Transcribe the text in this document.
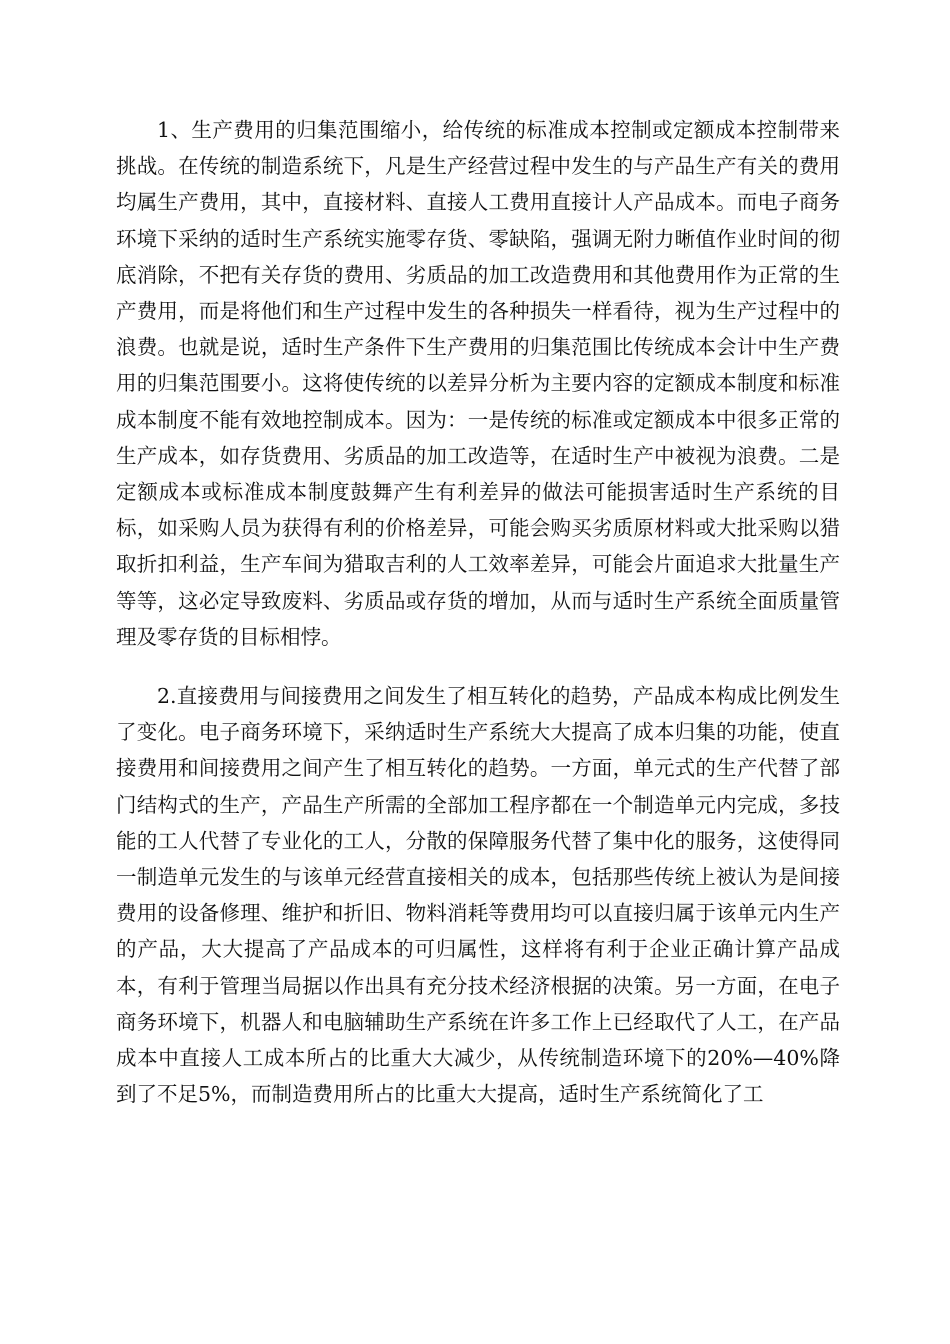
1、生产费用的归集范围缩小，给传统的标准成本控制或定额成本控制带来挑战。在传统的制造系统下，凡是生产经营过程中发生的与产品生产有关的费用均属生产费用，其中，直接材料、直接人工费用直接计人产品成本。而电子商务环境下采纳的适时生产系统实施零存货、零缺陷，强调无附力晰值作业时间的彻底消除，不把有关存货的费用、劣质品的加工改造费用和其他费用作为正常的生产费用，而是将他们和生产过程中发生的各种损失一样看待，视为生产过程中的浪费。也就是说，适时生产条件下生产费用的归集范围比传统成本会计中生产费用的归集范围要小。这将使传统的以差异分析为主要内容的定额成本制度和标准成本制度不能有效地控制成本。因为：一是传统的标准或定额成本中很多正常的生产成本，如存货费用、劣质品的加工改造等，在适时生产中被视为浪费。二是定额成本或标准成本制度鼓舞产生有利差异的做法可能损害适时生产系统的目标，如采购人员为获得有利的价格差异，可能会购买劣质原材料或大批采购以猎取折扣利益，生产车间为猎取吉利的人工效率差异，可能会片面追求大批量生产等等，这必定导致废料、劣质品或存货的增加，从而与适时生产系统全面质量管理及零存货的目标相悖。

2.直接费用与间接费用之间发生了相互转化的趋势，产品成本构成比例发生了变化。电子商务环境下，采纳适时生产系统大大提高了成本归集的功能，使直接费用和间接费用之间产生了相互转化的趋势。一方面，单元式的生产代替了部门结构式的生产，产品生产所需的全部加工程序都在一个制造单元内完成，多技能的工人代替了专业化的工人，分散的保障服务代替了集中化的服务，这使得同一制造单元发生的与该单元经营直接相关的成本，包括那些传统上被认为是间接费用的设备修理、维护和折旧、物料消耗等费用均可以直接归属于该单元内生产的产品，大大提高了产品成本的可归属性，这样将有利于企业正确计算产品成本，有利于管理当局据以作出具有充分技术经济根据的决策。另一方面，在电子商务环境下，机器人和电脑辅助生产系统在许多工作上已经取代了人工，在产品成本中直接人工成本所占的比重大大减少，从传统制造环境下的20%—40%降到了不足5%，而制造费用所占的比重大大提高，适时生产系统简化了工
